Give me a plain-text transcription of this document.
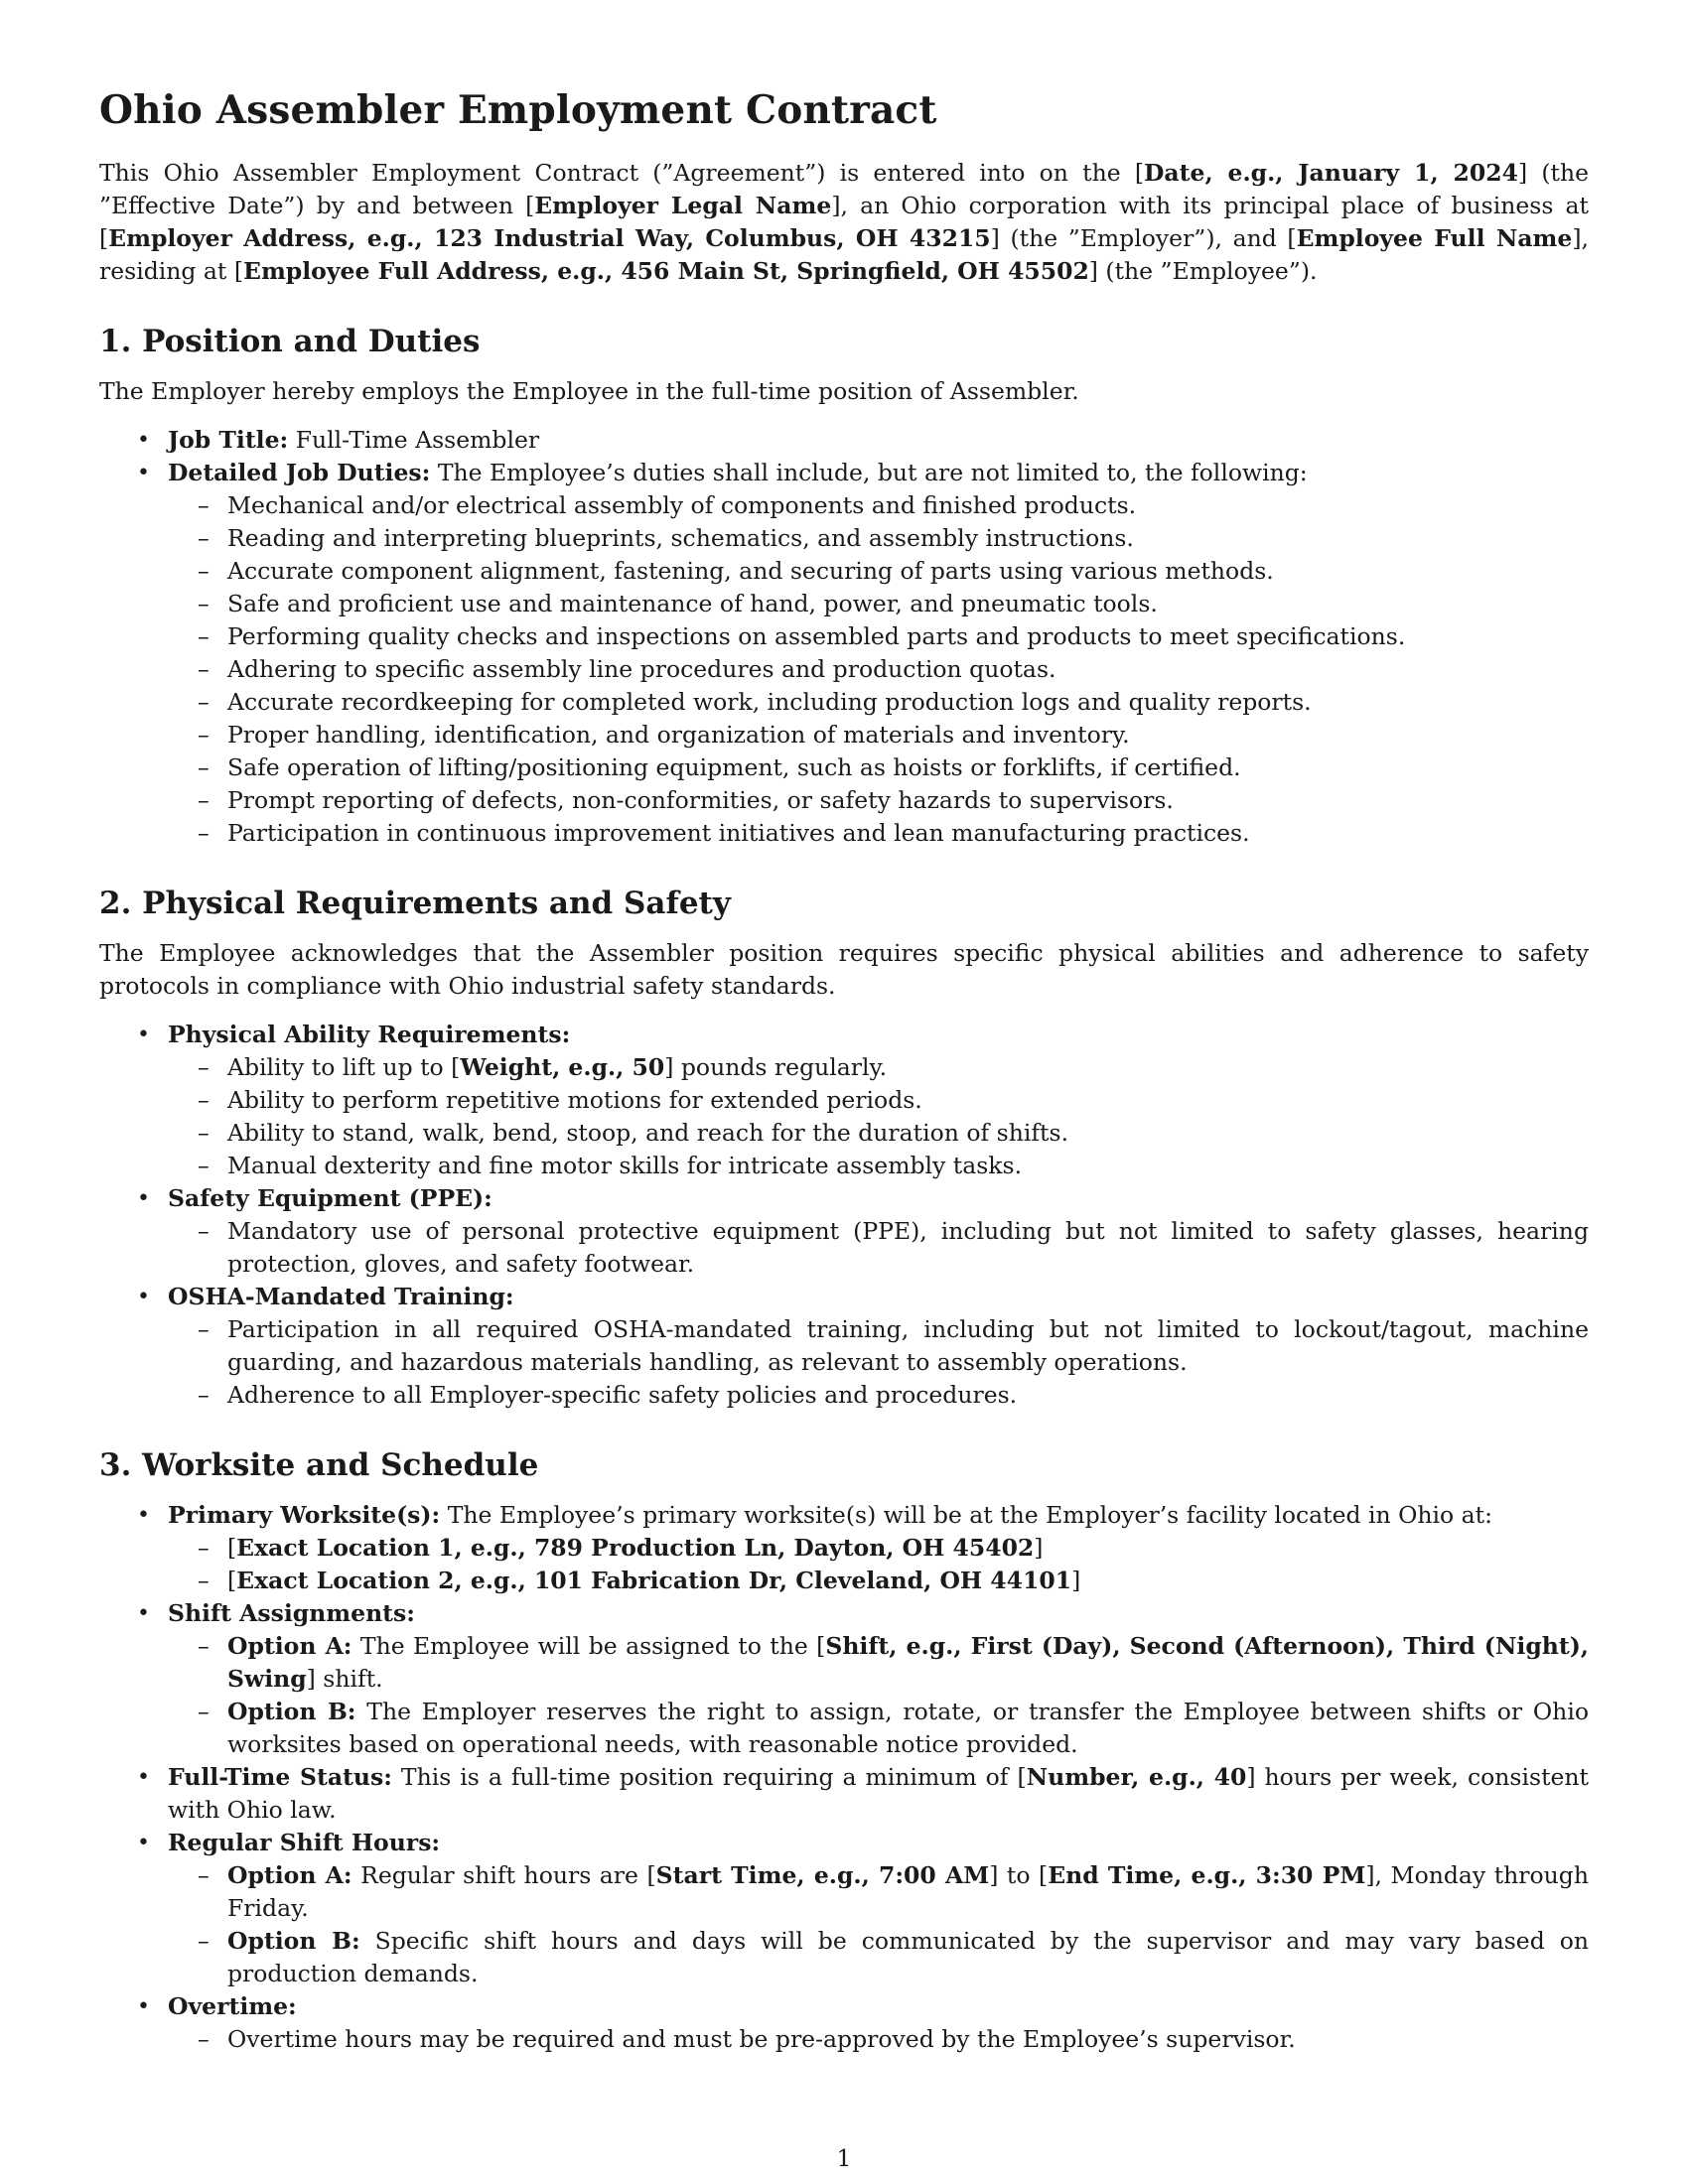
Ohio Assembler Employment Contract

This Ohio Assembler Employment Contract (”Agreement”) is entered into on the [Date, e.g., January 1, 2024] (the ”Effective Date”) by and between [Employer Legal Name], an Ohio corporation with its principal place of business at [Employer Address, e.g., 123 Industrial Way, Columbus, OH 43215] (the ”Employer”), and [Employee Full Name], residing at [Employee Full Address, e.g., 456 Main St, Springfield, OH 45502] (the ”Employee”).

1. Position and Duties

The Employer hereby employs the Employee in the full-time position of Assembler.

• Job Title: Full-Time Assembler
• Detailed Job Duties: The Employee’s duties shall include, but are not limited to, the following:
– Mechanical and/or electrical assembly of components and finished products.
– Reading and interpreting blueprints, schematics, and assembly instructions.
– Accurate component alignment, fastening, and securing of parts using various methods.
– Safe and proficient use and maintenance of hand, power, and pneumatic tools.
– Performing quality checks and inspections on assembled parts and products to meet specifications.
– Adhering to specific assembly line procedures and production quotas.
– Accurate recordkeeping for completed work, including production logs and quality reports.
– Proper handling, identification, and organization of materials and inventory.
– Safe operation of lifting/positioning equipment, such as hoists or forklifts, if certified.
– Prompt reporting of defects, non-conformities, or safety hazards to supervisors.
– Participation in continuous improvement initiatives and lean manufacturing practices.
2. Physical Requirements and Safety

The Employee acknowledges that the Assembler position requires specific physical abilities and adherence to safety protocols in compliance with Ohio industrial safety standards.

• Physical Ability Requirements:
– Ability to lift up to [Weight, e.g., 50] pounds regularly.
– Ability to perform repetitive motions for extended periods.
– Ability to stand, walk, bend, stoop, and reach for the duration of shifts.
– Manual dexterity and fine motor skills for intricate assembly tasks.
• Safety Equipment (PPE):
– Mandatory use of personal protective equipment (PPE), including but not limited to safety glasses, hearing protection, gloves, and safety footwear.
• OSHA-Mandated Training:
– Participation in all required OSHA-mandated training, including but not limited to lockout/tagout, machine guarding, and hazardous materials handling, as relevant to assembly operations.
– Adherence to all Employer-specific safety policies and procedures.
3. Worksite and Schedule
• Primary Worksite(s): The Employee’s primary worksite(s) will be at the Employer’s facility located in Ohio at:
– [Exact Location 1, e.g., 789 Production Ln, Dayton, OH 45402]
– [Exact Location 2, e.g., 101 Fabrication Dr, Cleveland, OH 44101]
• Shift Assignments:
– Option A: The Employee will be assigned to the [Shift, e.g., First (Day), Second (Afternoon), Third (Night), Swing] shift.
– Option B: The Employer reserves the right to assign, rotate, or transfer the Employee between shifts or Ohio worksites based on operational needs, with reasonable notice provided.
• Full-Time Status: This is a full-time position requiring a minimum of [Number, e.g., 40] hours per week, consistent with Ohio law.
• Regular Shift Hours:
– Option A: Regular shift hours are [Start Time, e.g., 7:00 AM] to [End Time, e.g., 3:30 PM], Monday through Friday.
– Option B: Specific shift hours and days will be communicated by the supervisor and may vary based on production demands.
• Overtime:
– Overtime hours may be required and must be pre-approved by the Employee’s supervisor.
1
